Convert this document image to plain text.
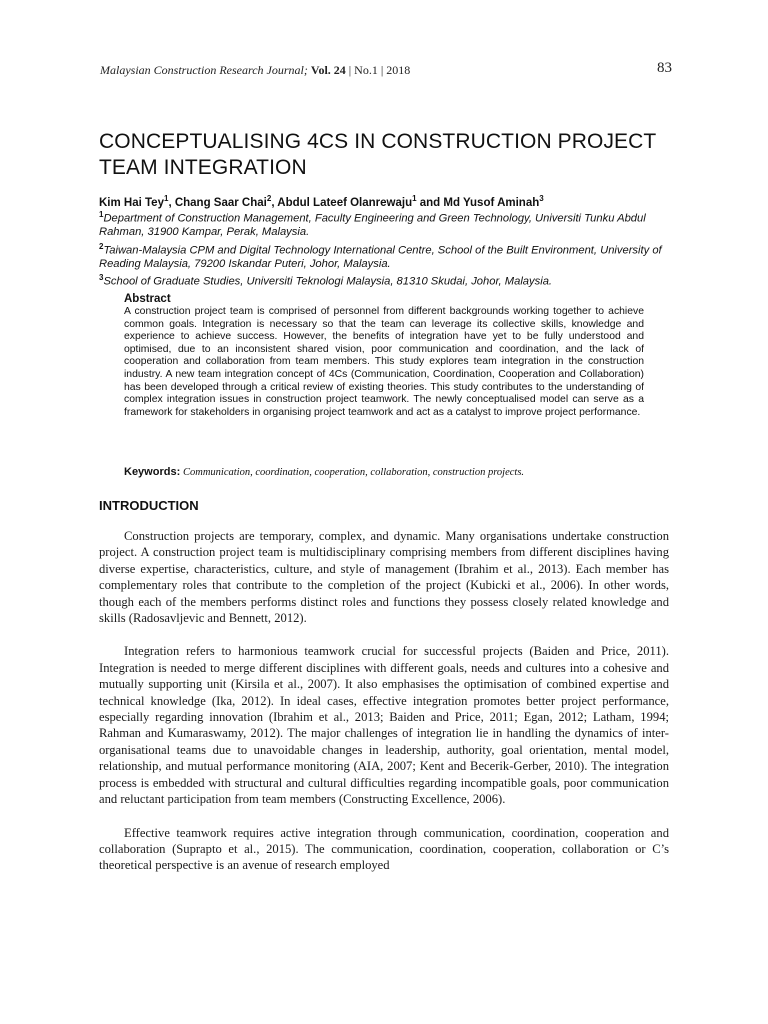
Malaysian Construction Research Journal; Vol. 24 | No.1 | 2018	83
CONCEPTUALISING 4CS IN CONSTRUCTION PROJECT TEAM INTEGRATION
Kim Hai Tey$^1$, Chang Saar Chai$^2$, Abdul Lateef Olanrewaju$^1$ and Md Yusof Aminah$^3$

$^1$Department of Construction Management, Faculty Engineering and Green Technology, Universiti Tunku Abdul Rahman, 31900 Kampar, Perak, Malaysia.

$^2$Taiwan-Malaysia CPM and Digital Technology International Centre, School of the Built Environment, University of Reading Malaysia, 79200 Iskandar Puteri, Johor, Malaysia.

$^3$School of Graduate Studies, Universiti Teknologi Malaysia, 81310 Skudai, Johor, Malaysia.

Abstract

A construction project team is comprised of personnel from different backgrounds working together to achieve common goals. Integration is necessary so that the team can leverage its collective skills, knowledge and experience to achieve success. However, the benefits of integration have yet to be fully understood and optimised, due to an inconsistent shared vision, poor communication and coordination, and the lack of cooperation and collaboration from team members. This study explores team integration in the construction industry. A new team integration concept of 4Cs (Communication, Coordination, Cooperation and Collaboration) has been developed through a critical review of existing theories. This study contributes to the understanding of complex integration issues in construction project teamwork. The newly conceptualised model can serve as a framework for stakeholders in organising project teamwork and act as a catalyst to improve project performance.

Keywords: Communication, coordination, cooperation, collaboration, construction projects.
INTRODUCTION

Construction projects are temporary, complex, and dynamic. Many organisations undertake construction project. A construction project team is multidisciplinary comprising members from different disciplines having diverse expertise, characteristics, culture, and style of management (Ibrahim et al., 2013). Each member has complementary roles that contribute to the completion of the project (Kubicki et al., 2006). In other words, though each of the members performs distinct roles and functions they possess closely related knowledge and skills (Radosavljevic and Bennett, 2012).

Integration refers to harmonious teamwork crucial for successful projects (Baiden and Price, 2011). Integration is needed to merge different disciplines with different goals, needs and cultures into a cohesive and mutually supporting unit (Kirsila et al., 2007). It also emphasises the optimisation of combined expertise and technical knowledge (Ika, 2012). In ideal cases, effective integration promotes better project performance, especially regarding innovation (Ibrahim et al., 2013; Baiden and Price, 2011; Egan, 2012; Latham, 1994; Rahman and Kumaraswamy, 2012). The major challenges of integration lie in handling the dynamics of inter-organisational teams due to unavoidable changes in leadership, authority, goal orientation, mental model, relationship, and mutual performance monitoring (AIA, 2007; Kent and Becerik-Gerber, 2010). The integration process is embedded with structural and cultural difficulties regarding incompatible goals, poor communication and reluctant participation from team members (Constructing Excellence, 2006).

Effective teamwork requires active integration through communication, coordination, cooperation and collaboration (Suprapto et al., 2015). The communication, coordination, cooperation, collaboration or C’s theoretical perspective is an avenue of research employed
